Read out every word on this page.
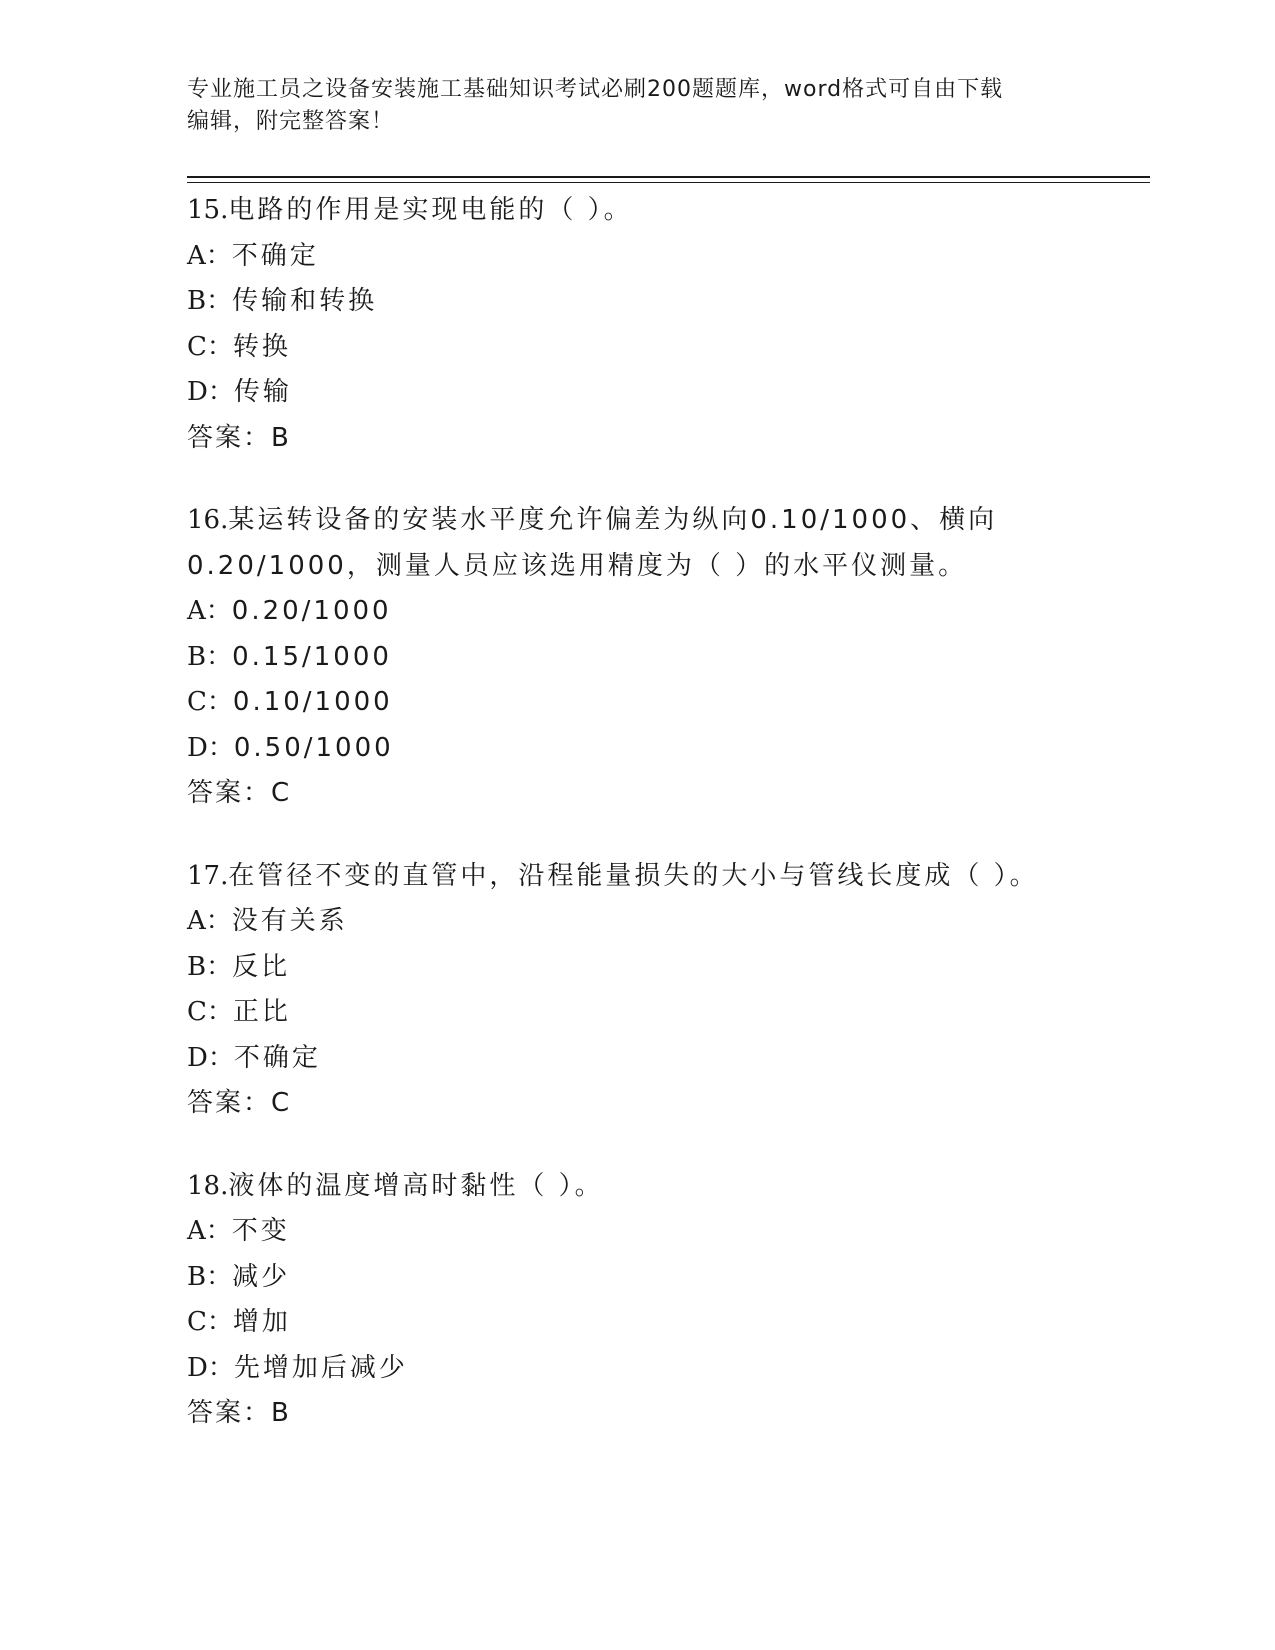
专业施工员之设备安装施工基础知识考试必刷200题题库，word格式可自由下载
编辑，附完整答案！

15.电路的作用是实现电能的（ ）。

A：不确定

B：传输和转换

C：转换

D：传输

答案：B

16.某运转设备的安装水平度允许偏差为纵向0.10/1000、横向0.20/1000，测量人员应该选用精度为（ ）的水平仪测量。

A：0.20/1000

B：0.15/1000

C：0.10/1000

D：0.50/1000

答案：C

17.在管径不变的直管中，沿程能量损失的大小与管线长度成（ ）。

A：没有关系

B：反比

C：正比

D：不确定

答案：C

18.液体的温度增高时黏性（ ）。

A：不变

B：减少

C：增加

D：先增加后减少

答案：B
